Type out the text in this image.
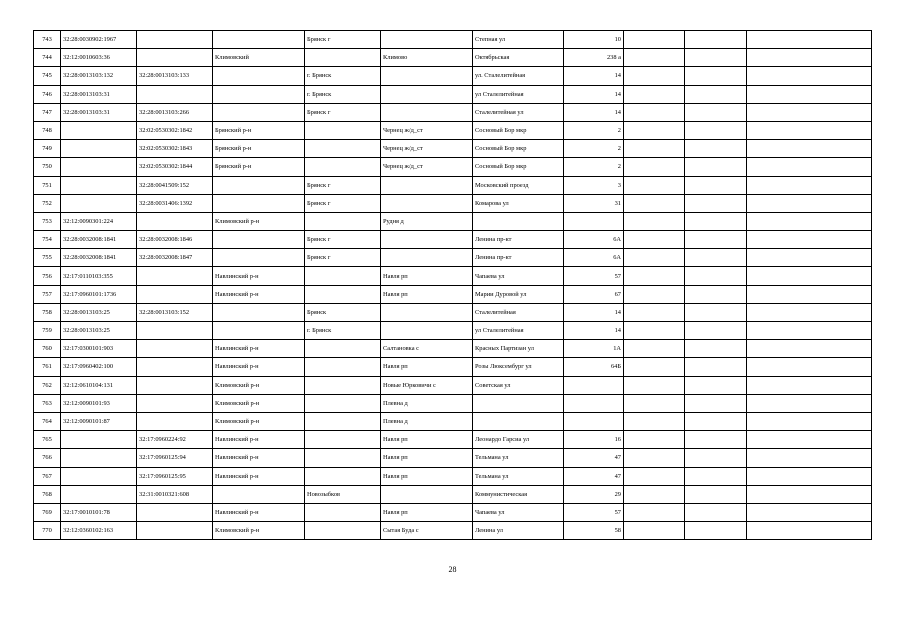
743	32:28:0030902:1967			Брянск г		Степная ул	10			
744	32:12:0010603:36		Климовский		Климово	Октябрьская	238 а			
745	32:28:0013103:132	32:28:0013103:133		г. Брянск		ул. Сталелитейная	14			
746	32:28:0013103:31			г. Брянск		ул Сталелитейная	14			
747	32:28:0013103:31	32:28:0013103:266		Брянск г		Сталелитейная ул	14			
748		32:02:0530302:1842	Брянский р-н		Чернец ж/д_ст	Сосновый Бор мкр	2			
749		32:02:0530302:1843	Брянский р-н		Чернец ж/д_ст	Сосновый Бор мкр	2			
750		32:02:0530302:1844	Брянский р-н		Чернец ж/д_ст	Сосновый Бор мкр	2			
751		32:28:0041509:152		Брянск г		Московский проезд	3			
752		32:28:0031406:1392		Брянск г		Комарова ул	31			
753	32:12:0090301:224		Климовский р-н		Рудня д					
754	32:28:0032008:1841	32:28:0032008:1846		Брянск г		Ленина пр-кт	6А			
755	32:28:0032008:1841	32:28:0032008:1847		Брянск г		Ленина пр-кт	6А			
756	32:17:0110103:355		Навлинский р-н		Навля рп	Чапаева ул	57			
757	32:17:0960101:1736		Навлинский р-н		Навля рп	Марии Дуровой ул	67			
758	32:28:0013103:25	32:28:0013103:152		Брянск		Сталелитейная	14			
759	32:28:0013103:25			г. Брянск		ул Сталелитейная	14			
760	32:17:0300101:903		Навлинский р-н		Салтановка с	Красных Партизан ул	1А			
761	32:17:0960402:100		Навлинский р-н		Навля рп	Розы Люксембург ул	64Б			
762	32:12:0610104:131		Климовский р-н		Новые Юрковичи с	Советская ул				
763	32:12:0090101:93		Климовский р-н		Плевна д					
764	32:12:0090101:87		Климовский р-н		Плевна д					
765		32:17:0960224:92	Навлинский р-н		Навля рп	Леонардо Гарсиа ул	16			
766		32:17:0960125:94	Навлинский р-н		Навля рп	Тельмана ул	47			
767		32:17:0960125:95	Навлинский р-н		Навля рп	Тельмана ул	47			
768		32:31:0010321:608		Новозыбков		Коммунистическая	29			
769	32:17:0010101:78		Навлинский р-н		Навля рп	Чапаева ул	57			
770	32:12:0360102:163		Климовский р-н		Сытая Буда с	Ленина ул	58			
28
